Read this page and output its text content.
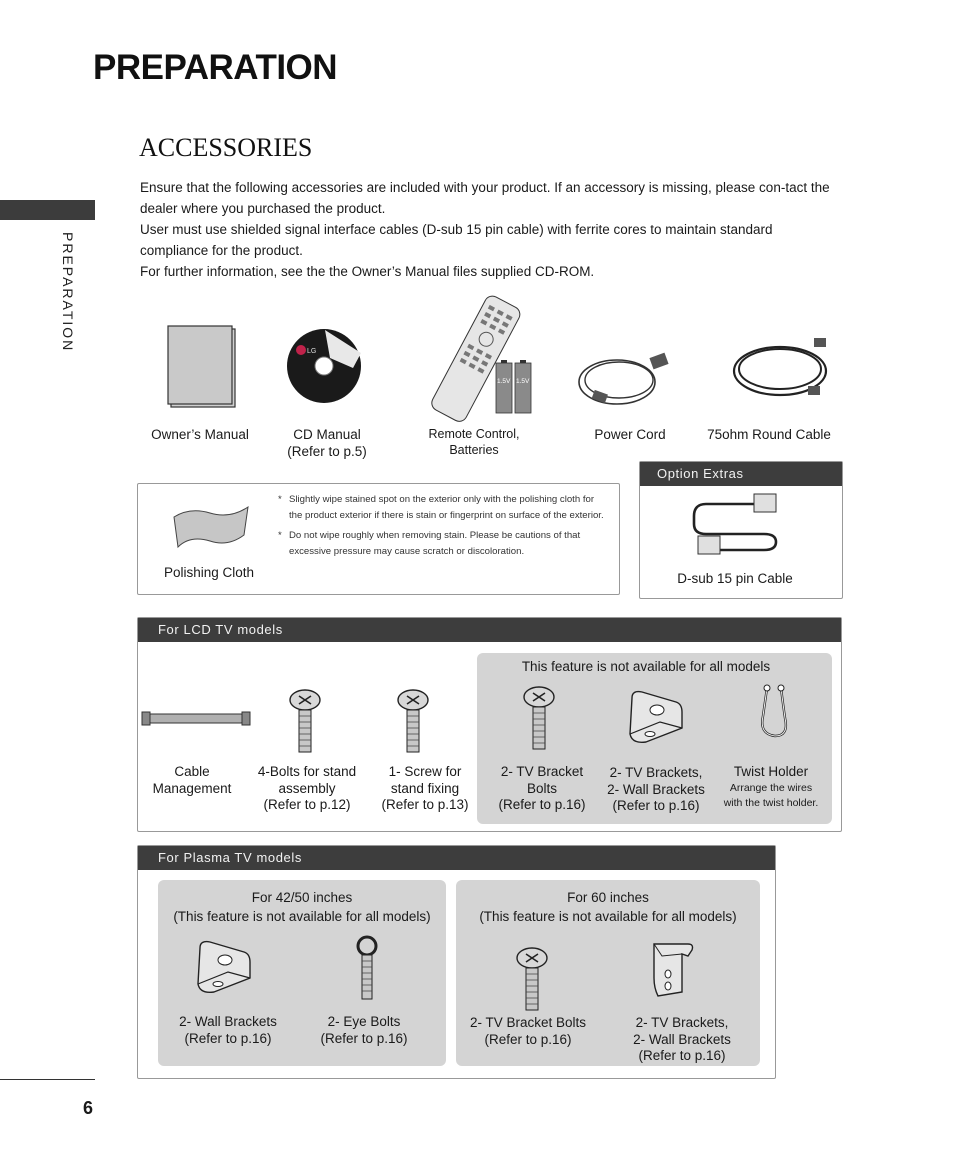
PREPARATION
PREPARATION
ACCESSORIES

Ensure that the following accessories are included with your product. If an accessory is missing, please con-tact the dealer where you purchased the product.

User must use shielded signal interface cables (D-sub 15 pin cable) with ferrite cores to maintain standard compliance for the product.

For further information, see the the Owner’s Manual files supplied CD-ROM.

LG
1.5V 1.5V
Owner’s Manual	CD Manual
(Refer to p.5)
Remote Control,
Batteries
Power Cord	75ohm Round Cable
Polishing Cloth
* Slightly wipe stained spot on the exterior only with the polishing cloth for the product exterior if there is stain or fingerprint on surface of the exterior.
* Do not wipe roughly when removing stain. Please be cautions of that excessive pressure may cause scratch or discoloration.
Option Extras
D-sub 15 pin Cable
For LCD TV models
This feature is not available for all models
Cable
Management
4-Bolts for stand
assembly
(Refer to p.12)
1- Screw for
stand fixing
(Refer to p.13)
2- TV Bracket
Bolts
(Refer to p.16)
2- TV Brackets,
2- Wall Brackets
(Refer to p.16)
Twist Holder
Arrange the wires
with the twist holder.
For Plasma TV models
For 42/50 inches
(This feature is not available for all models)
For 60 inches
(This feature is not available for all models)
2- Wall Brackets
(Refer to p.16)
2- Eye Bolts
(Refer to p.16)
2- TV Bracket Bolts
(Refer to p.16)
2- TV Brackets,
2- Wall Brackets
(Refer to p.16)
6
